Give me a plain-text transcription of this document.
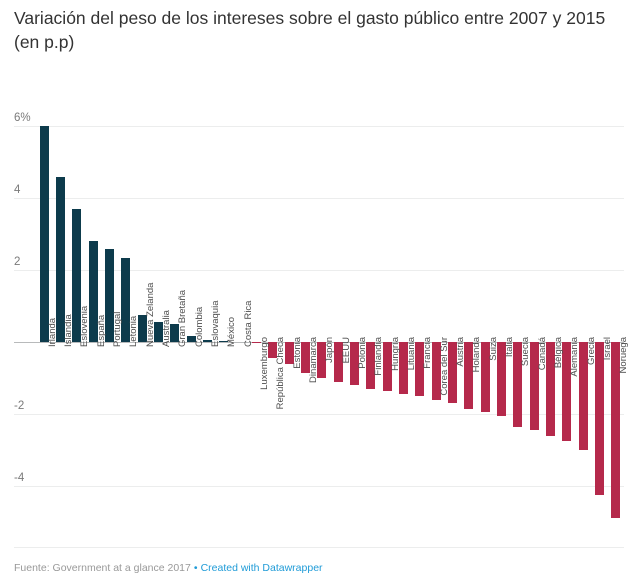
Variación del peso de los intereses sobre el gasto público entre 2007 y 2015 (en p.p)
-4
-2
2
4
6%
Irlanda Islandia Eslovenia España Portugal Letonia Nueva Zelanda Australia Gran Bretaña Colombia Eslovaquia México Costa Rica
Luxemburgo República Checa Estonia Dinamarca Japón EEUU Polonia Finlandia Hungría Lituania Francia Corea del Sur Austria Holanda Suiza Italia Suecia Canadá Bélgica Alemania Grecia Israel Noruega
Fuente: Government at a glance 2017 • Created with Datawrapper
